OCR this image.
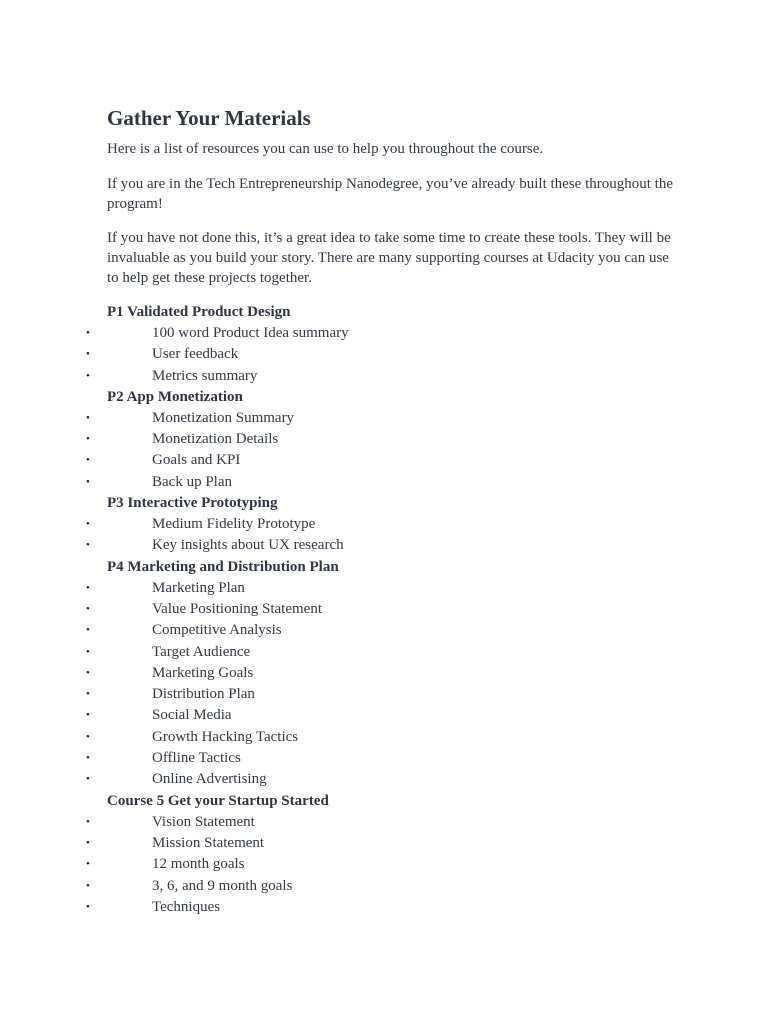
Gather Your Materials

Here is a list of resources you can use to help you throughout the course.

If you are in the Tech Entrepreneurship Nanodegree, you’ve already built these throughout the program!

If you have not done this, it’s a great idea to take some time to create these tools. They will be invaluable as you build your story. There are many supporting courses at Udacity you can use to help get these projects together.

P1 Validated Product Design
•	100 word Product Idea summary
•	User feedback
•	Metrics summary
P2 App Monetization
•	Monetization Summary
•	Monetization Details
•	Goals and KPI
•	Back up Plan
P3 Interactive Prototyping
•	Medium Fidelity Prototype
•	Key insights about UX research
P4 Marketing and Distribution Plan
•	Marketing Plan
•	Value Positioning Statement
•	Competitive Analysis
•	Target Audience
•	Marketing Goals
•	Distribution Plan
•	Social Media
•	Growth Hacking Tactics
•	Offline Tactics
•	Online Advertising
Course 5 Get your Startup Started
•	Vision Statement
•	Mission Statement
•	12 month goals
•	3, 6, and 9 month goals
•	Techniques
